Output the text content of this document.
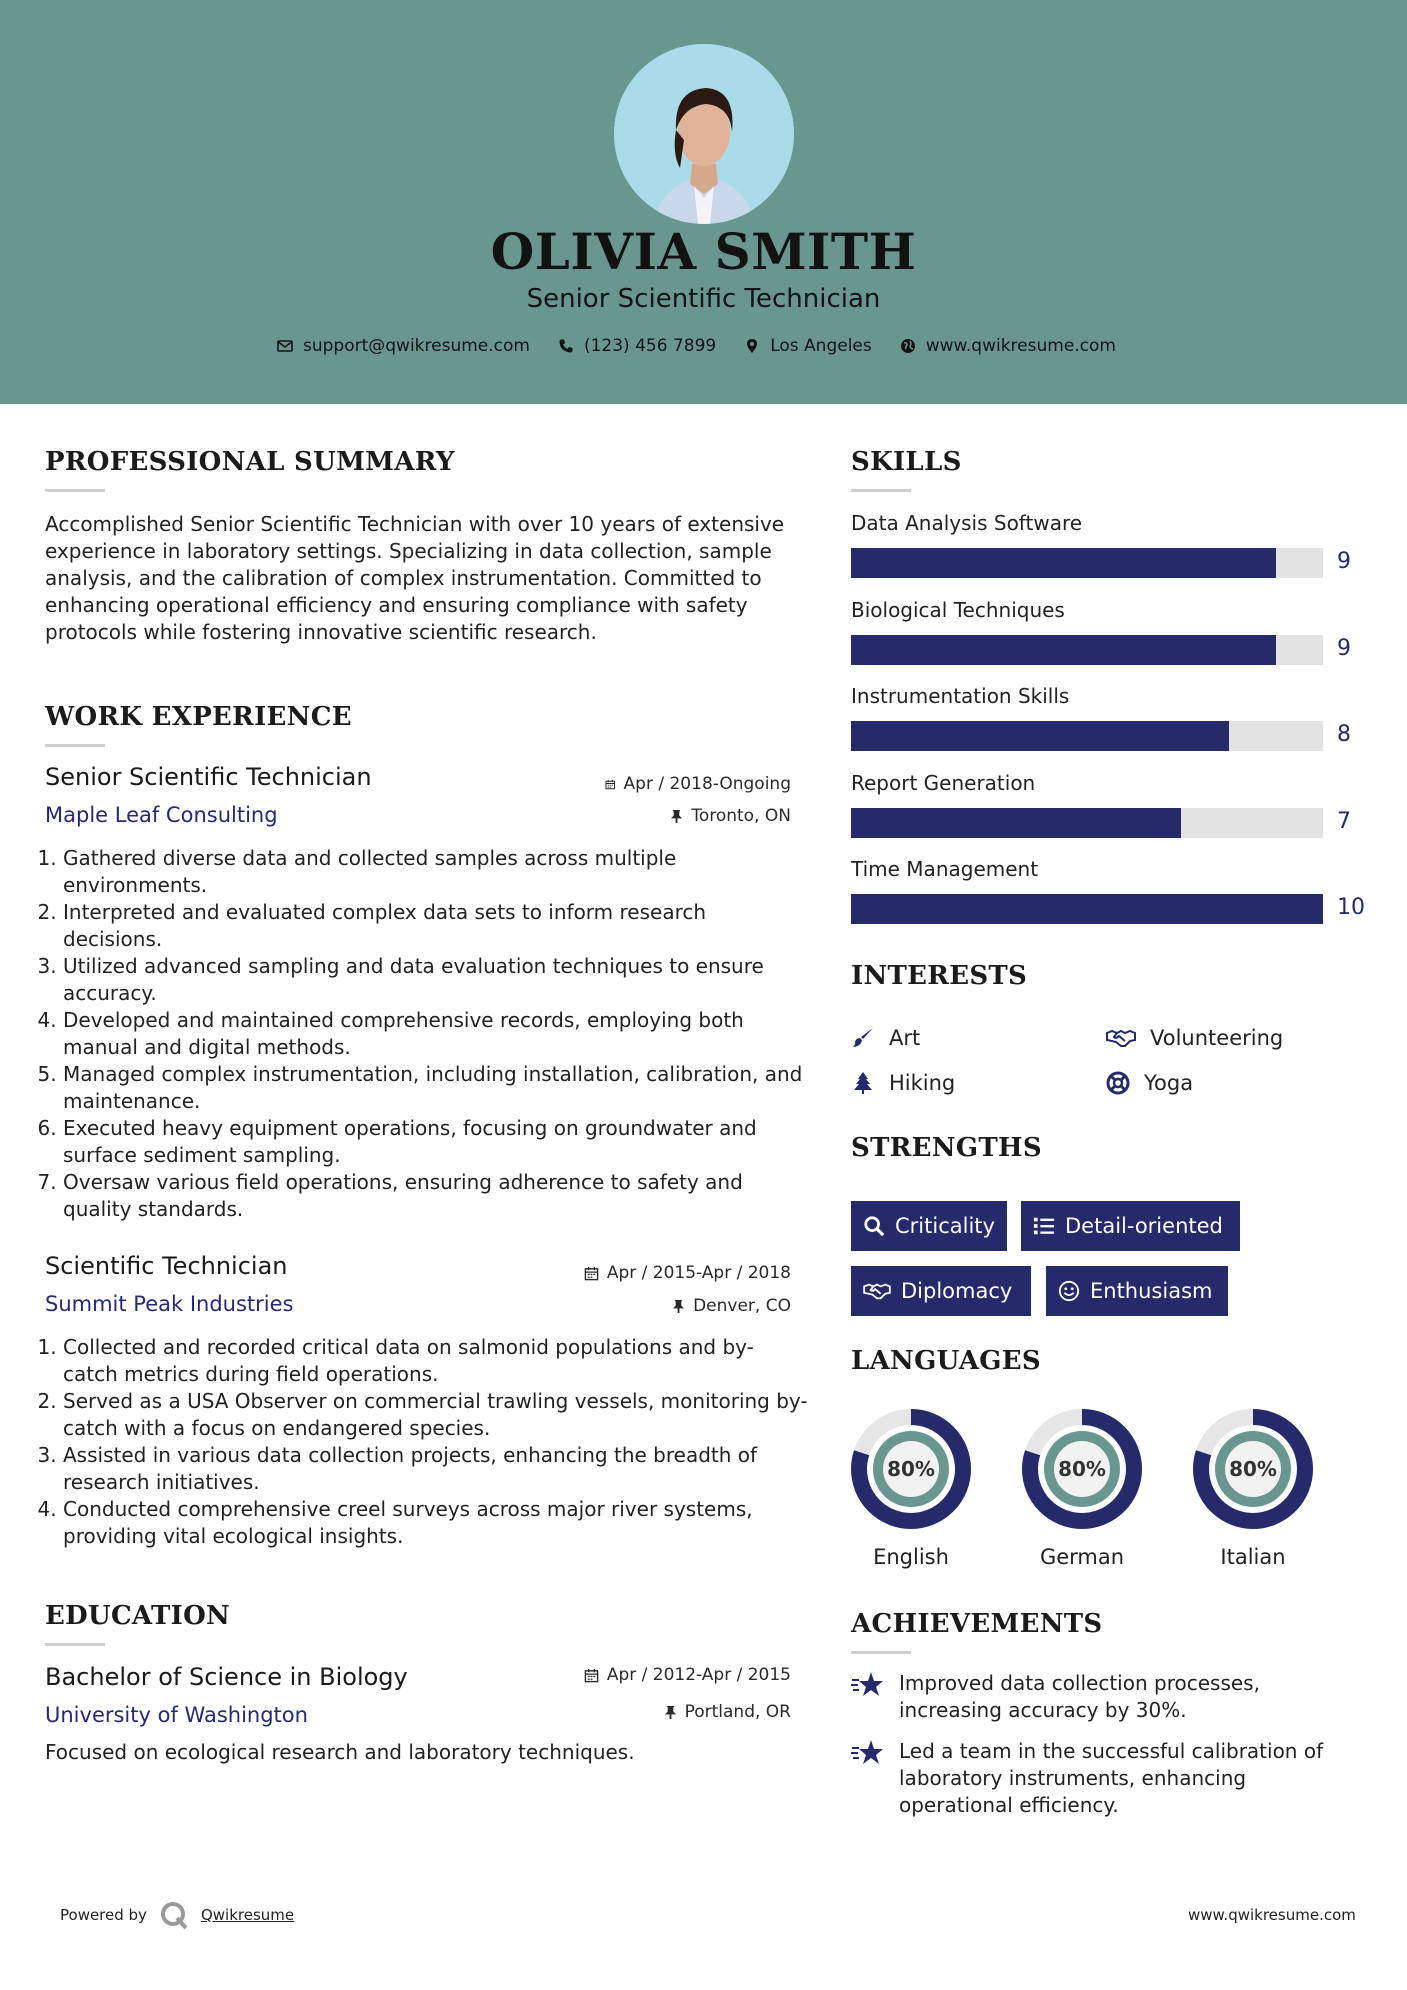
OLIVIA SMITH
Senior Scientific Technician
support@qwikresume.com	(123) 456 7899	Los Angeles	www.qwikresume.com
PROFESSIONAL SUMMARY
Accomplished Senior Scientific Technician with over 10 years of extensive experience in laboratory settings. Specializing in data collection, sample analysis, and the calibration of complex instrumentation. Committed to enhancing operational efficiency and ensuring compliance with safety protocols while fostering innovative scientific research.
WORK EXPERIENCE
Senior Scientific Technician	Apr / 2018-Ongoing
Maple Leaf Consulting	Toronto, ON
1. Gathered diverse data and collected samples across multiple environments.
2. Interpreted and evaluated complex data sets to inform research decisions.
3. Utilized advanced sampling and data evaluation techniques to ensure accuracy.
4. Developed and maintained comprehensive records, employing both manual and digital methods.
5. Managed complex instrumentation, including installation, calibration, and maintenance.
6. Executed heavy equipment operations, focusing on groundwater and surface sediment sampling.
7. Oversaw various field operations, ensuring adherence to safety and quality standards.
Scientific Technician	Apr / 2015-Apr / 2018
Summit Peak Industries	Denver, CO
1. Collected and recorded critical data on salmonid populations and by-catch metrics during field operations.
2. Served as a USA Observer on commercial trawling vessels, monitoring by-catch with a focus on endangered species.
3. Assisted in various data collection projects, enhancing the breadth of research initiatives.
4. Conducted comprehensive creel surveys across major river systems, providing vital ecological insights.
EDUCATION
Bachelor of Science in Biology	Apr / 2012-Apr / 2015
University of Washington	Portland, OR
Focused on ecological research and laboratory techniques.
SKILLS
Data Analysis Software
9
Biological Techniques
9
Instrumentation Skills
8
Report Generation
7
Time Management
10
INTERESTS
Art	Volunteering
Hiking	Yoga
STRENGTHS
Criticality	Detail-oriented
Diplomacy	Enthusiasm
LANGUAGES
80%
English
80%
German
80%
Italian
ACHIEVEMENTS
Improved data collection processes, increasing accuracy by 30%.
Led a team in the successful calibration of laboratory instruments, enhancing operational efficiency.
Powered by	Qwikresume	www.qwikresume.com
